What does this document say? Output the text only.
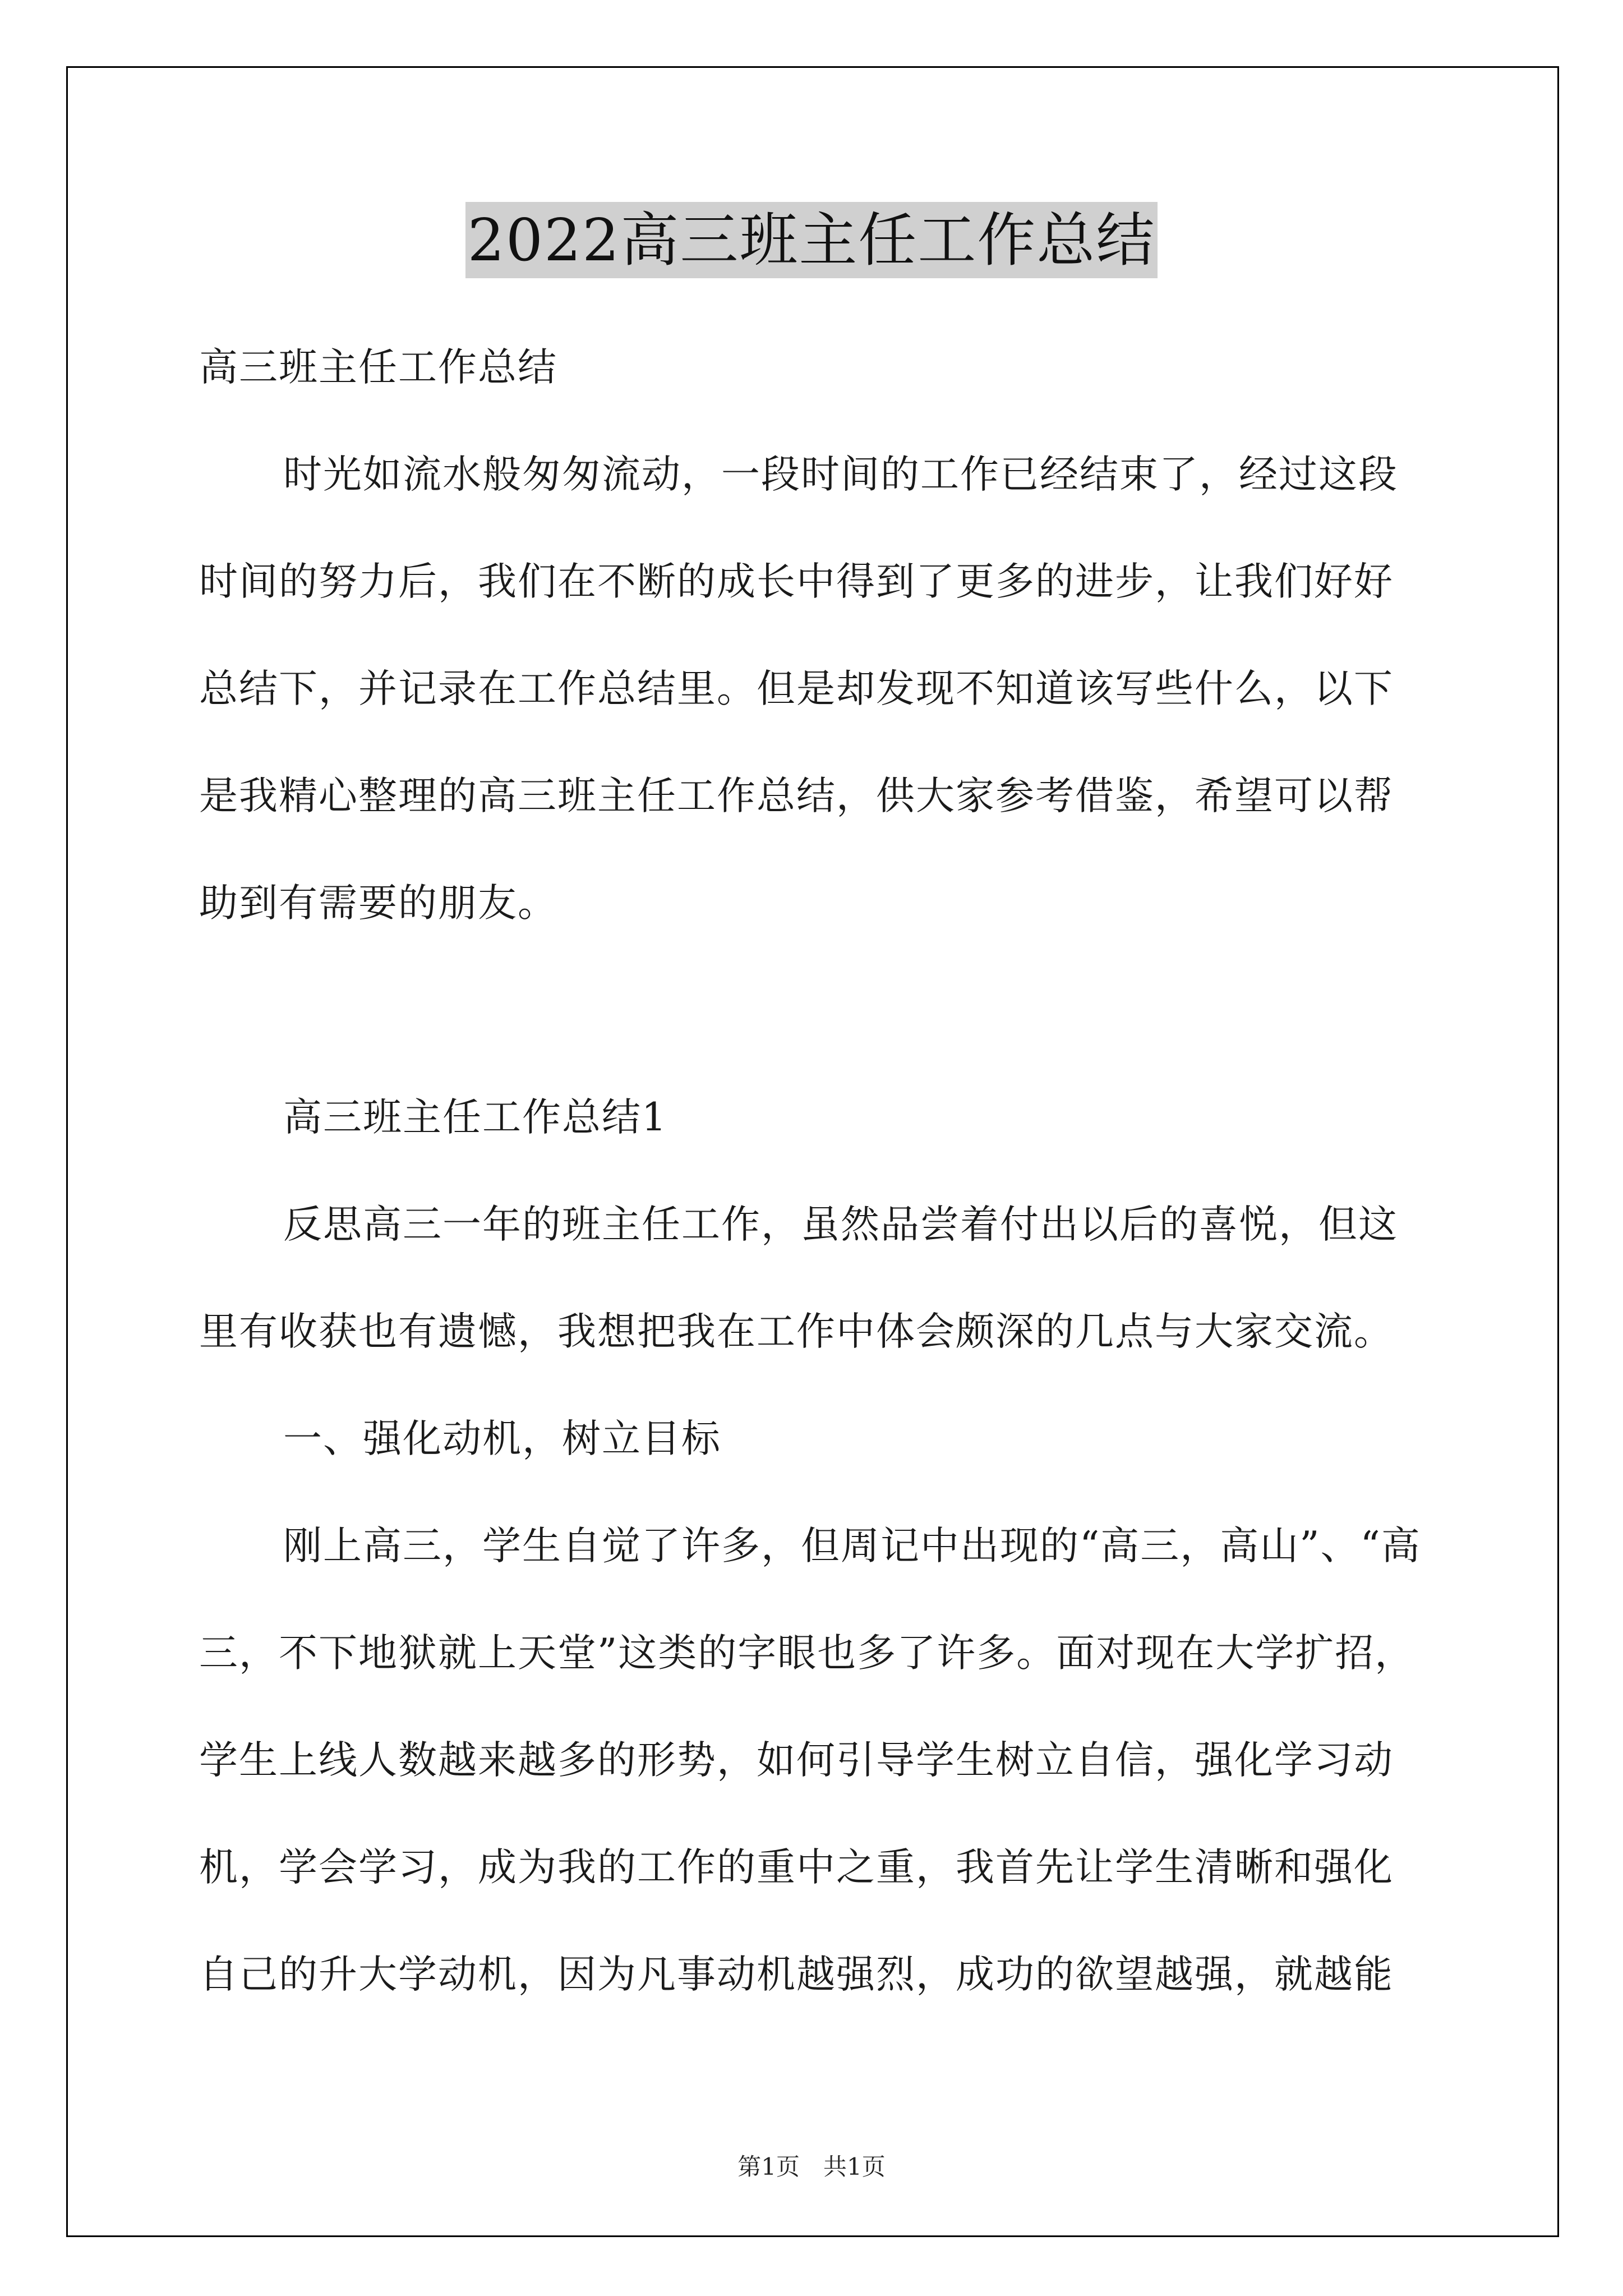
2022高三班主任工作总结
高三班主任工作总结
时光如流水般匆匆流动，一段时间的工作已经结束了，经过这段
时间的努力后，我们在不断的成长中得到了更多的进步，让我们好好
总结下，并记录在工作总结里。但是却发现不知道该写些什么，以下
是我精心整理的高三班主任工作总结，供大家参考借鉴，希望可以帮
助到有需要的朋友。
高三班主任工作总结1
反思高三一年的班主任工作，虽然品尝着付出以后的喜悦，但这
里有收获也有遗憾，我想把我在工作中体会颇深的几点与大家交流。
一、强化动机，树立目标
刚上高三，学生自觉了许多，但周记中出现的“高三，高山”、“高
三，不下地狱就上天堂”这类的字眼也多了许多。面对现在大学扩招，
学生上线人数越来越多的形势，如何引导学生树立自信，强化学习动
机，学会学习，成为我的工作的重中之重，我首先让学生清晰和强化
自己的升大学动机，因为凡事动机越强烈，成功的欲望越强，就越能
第1页　共1页
